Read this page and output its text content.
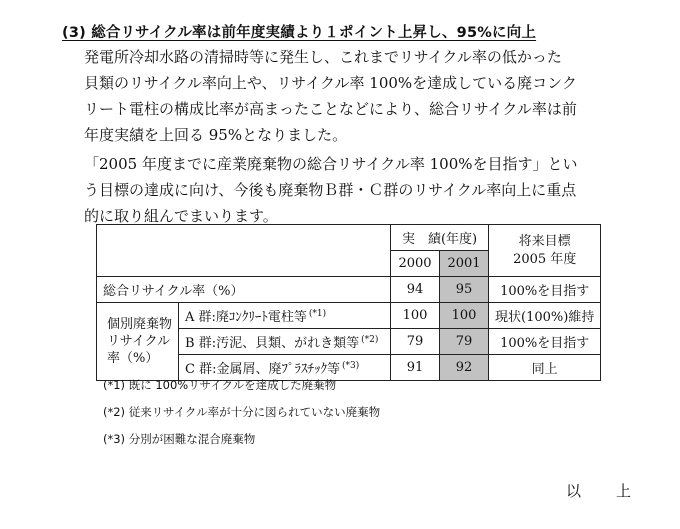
(3) 総合リサイクル率は前年度実績より１ポイント上昇し、95%に向上
発電所冷却水路の清掃時等に発生し、これまでリサイクル率の低かった
貝類のリサイクル率向上や、リサイクル率 100%を達成している廃コンク
リート電柱の構成比率が高まったことなどにより、総合リサイクル率は前
年度実績を上回る 95%となりました。
「2005 年度までに産業廃棄物の総合リサイクル率 100%を目指す」とい
う目標の達成に向け、今後も廃棄物Ｂ群・Ｃ群のリサイクル率向上に重点
的に取り組んでまいります。
		実　績(年度)		将来目標
2005 年度

		2000	2001	
総合リサイクル率（%）		94	95	100%を目指す

個別廃棄物
リサイクル
率（%）	A 群:廃ｺﾝｸﾘｰﾄ電柱等 $^{(*1)}$	100	100	現状(100%)維持
	B 群:汚泥、貝類、がれき類等 $^{(*2)}$	79	79	100%を目指す
	C 群:金属屑、廃ﾌﾟﾗｽﾁｯｸ等 $^{(*3)}$	91	92	同上
(*1) 既に 100%リサイクルを達成した廃棄物
(*2) 従来リサイクル率が十分に図られていない廃棄物
(*3) 分別が困難な混合廃棄物
以　上
